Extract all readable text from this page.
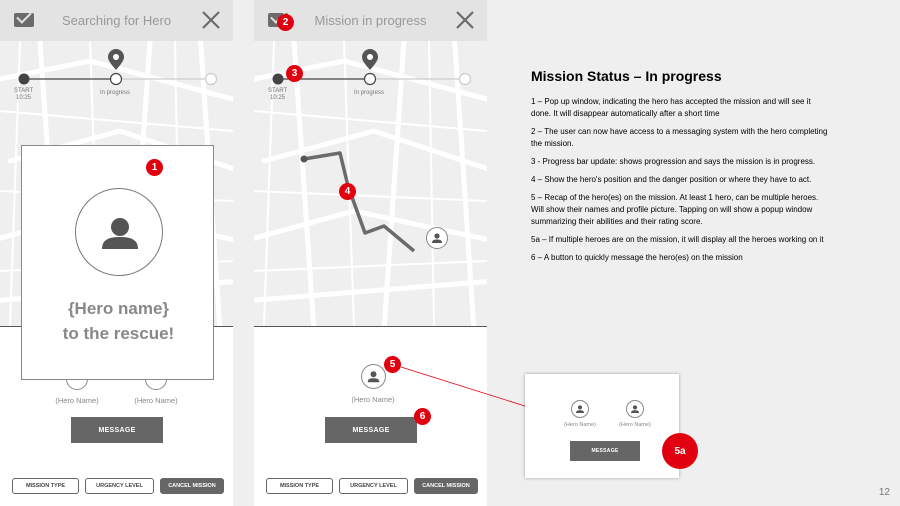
Searching for Hero
START
10:25
In progress
(Hero Name)	(Hero Name)
MESSAGE
MISSION TYPE	URGENCY LEVEL	CANCEL MISSION
{Hero name}
to the rescue!
1
Mission in progress
START
10:25
In progress
(Hero Name)
MESSAGE
MISSION TYPE	URGENCY LEVEL	CANCEL MISSION
2
3
4
5
6
(Hero Name)	(Hero Name)
MESSAGE	5a
Mission Status – In progress

1 – Pop up window, indicating the hero has accepted the mission and will see it done. It will disappear automatically after a short time

2 – The user can now have access to a messaging system with the hero completing the mission.

3 - Progress bar update: shows progression and says the mission is in progress.

4 – Show the hero's position and the danger position or where they have to act.

5 – Recap of the hero(es) on the mission. At least 1 hero, can be multiple heroes. Will show their names and profile picture. Tapping on will show a popup window summarizing their abilities and their rating score.

5a – If multiple heroes are on the mission, it will display all the heroes working on it

6 – A button to quickly message the hero(es) on the mission

12
